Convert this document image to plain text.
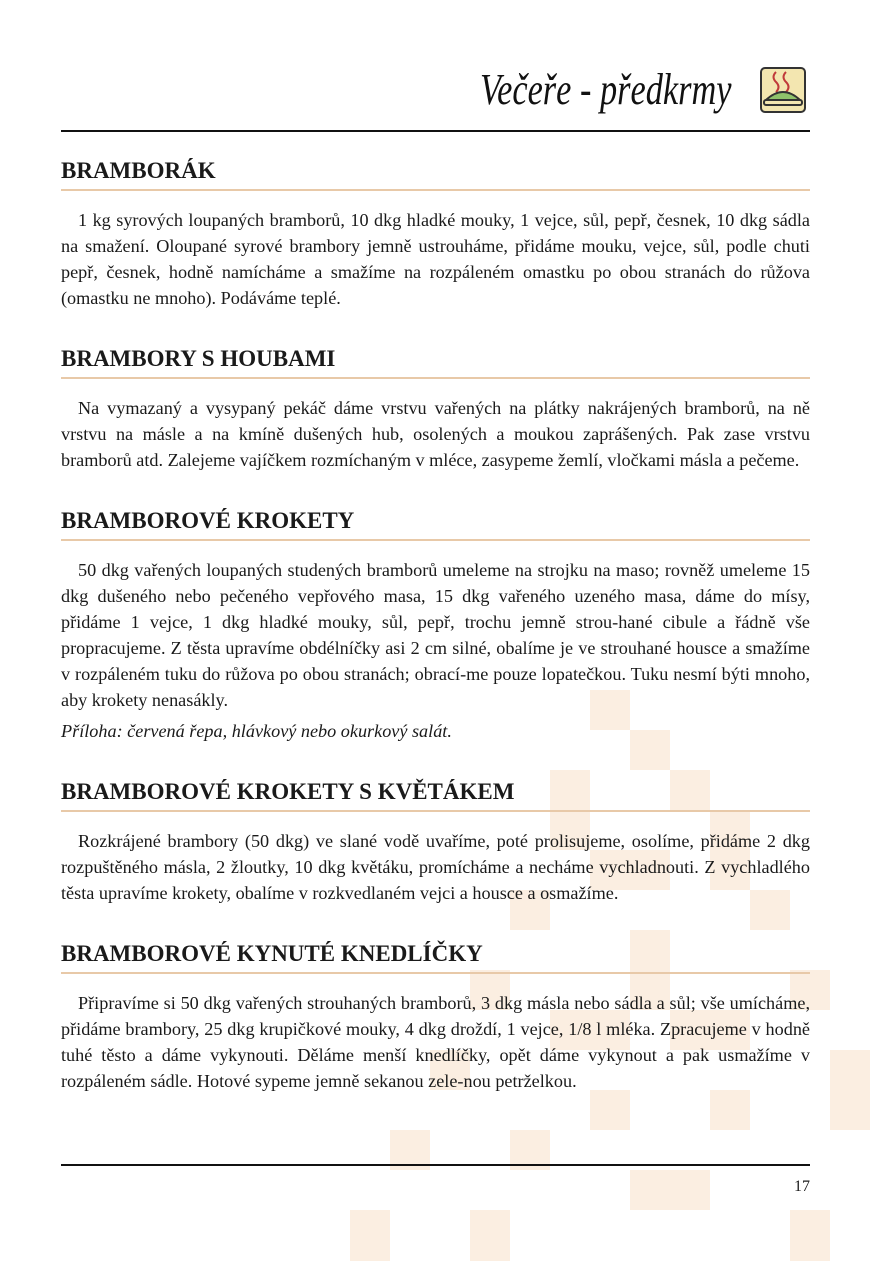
Večeře - předkrmy
BRAMBORÁK

1 kg syrových loupaných bramborů, 10 dkg hladké mouky, 1 vejce, sůl, pepř, česnek, 10 dkg sádla na smažení. Oloupané syrové brambory jemně ustrouháme, přidáme mouku, vejce, sůl, podle chuti pepř, česnek, hodně namícháme a smažíme na rozpáleném omastku po obou stranách do růžova (omastku ne mnoho). Podáváme teplé.

BRAMBORY S HOUBAMI

Na vymazaný a vysypaný pekáč dáme vrstvu vařených na plátky nakrájených bramborů, na ně vrstvu na másle a na kmíně dušených hub, osolených a moukou zaprášených. Pak zase vrstvu bramborů atd. Zalejeme vajíčkem rozmíchaným v mléce, zasypeme žemlí, vločkami másla a pečeme.

BRAMBOROVÉ KROKETY

50 dkg vařených loupaných studených bramborů umeleme na strojku na maso; rovněž umeleme 15 dkg dušeného nebo pečeného vepřového masa, 15 dkg vařeného uzeného masa, dáme do mísy, přidáme 1 vejce, 1 dkg hladké mouky, sůl, pepř, trochu jemně strou-hané cibule a řádně vše propracujeme. Z těsta upravíme obdélníčky asi 2 cm silné, obalíme je ve strouhané housce a smažíme v rozpáleném tuku do růžova po obou stranách; obrací-me pouze lopatečkou. Tuku nesmí býti mnoho, aby krokety nenasákly.

Příloha: červená řepa, hlávkový nebo okurkový salát.

BRAMBOROVÉ KROKETY S KVĚTÁKEM

Rozkrájené brambory (50 dkg) ve slané vodě uvaříme, poté prolisujeme, osolíme, přidáme 2 dkg rozpuštěného másla, 2 žloutky, 10 dkg květáku, promícháme a necháme vychladnouti. Z vychladlého těsta upravíme krokety, obalíme v rozkvedlaném vejci a housce a osmažíme.

BRAMBOROVÉ KYNUTÉ KNEDLÍČKY

Připravíme si 50 dkg vařených strouhaných bramborů, 3 dkg másla nebo sádla a sůl; vše umícháme, přidáme brambory, 25 dkg krupičkové mouky, 4 dkg droždí, 1 vejce, 1/8 l mléka. Zpracujeme v hodně tuhé těsto a dáme vykynouti. Děláme menší knedlíčky, opět dáme vykynout a pak usmažíme v rozpáleném sádle. Hotové sypeme jemně sekanou zele-nou petrželkou.

17
